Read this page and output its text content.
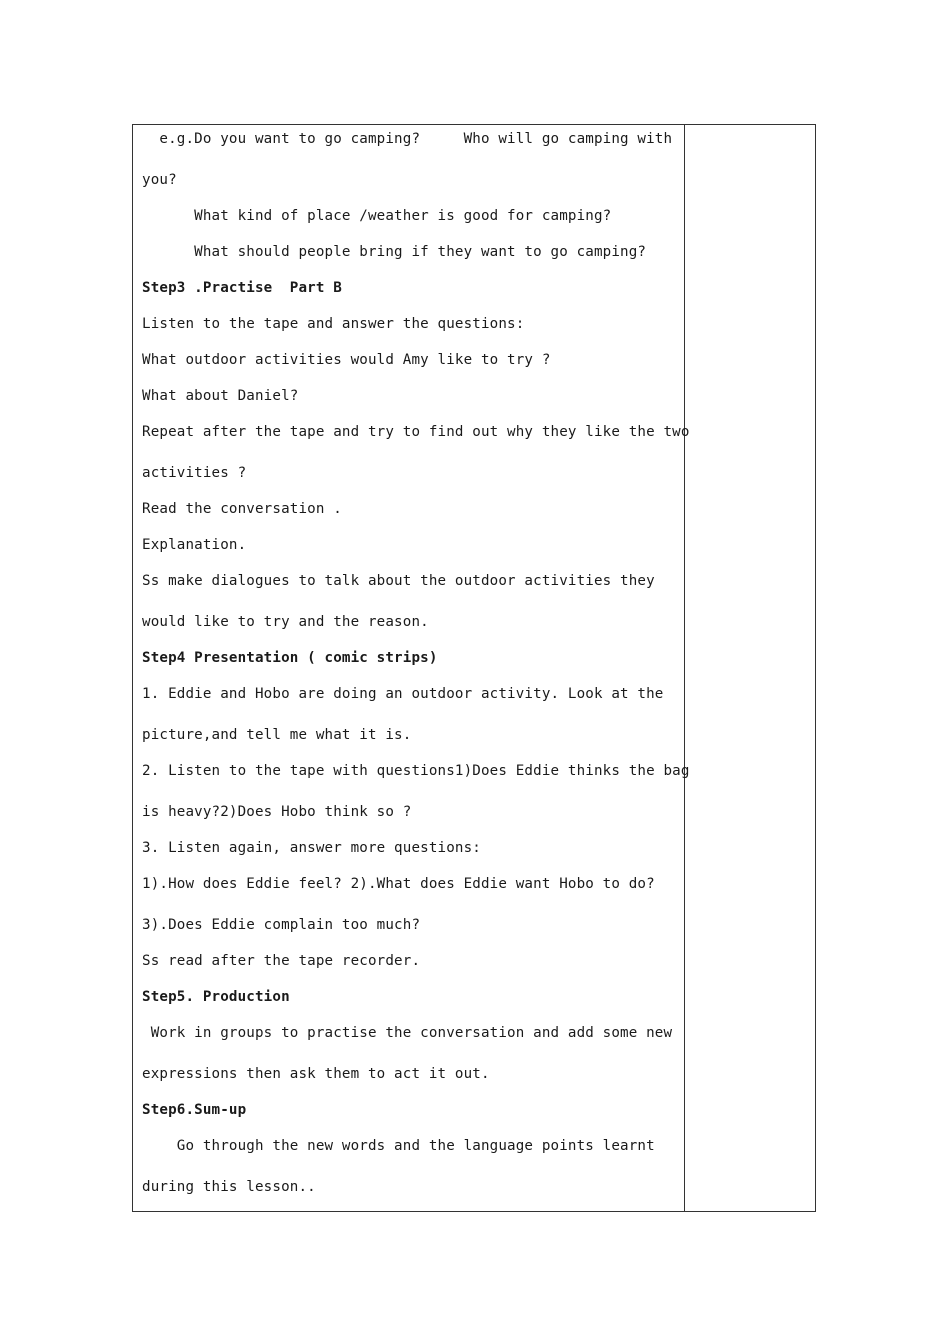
e.g.Do you want to go camping?     Who will go camping with
you?
What kind of place /weather is good for camping?
What should people bring if they want to go camping?
Step3 .Practise  Part B
Listen to the tape and answer the questions:
What outdoor activities would Amy like to try ?
What about Daniel?
Repeat after the tape and try to find out why they like the two
activities ?
Read the conversation .
Explanation.
Ss make dialogues to talk about the outdoor activities they
would like to try and the reason.
Step4 Presentation ( comic strips)
1. Eddie and Hobo are doing an outdoor activity. Look at the
picture,and tell me what it is.
2. Listen to the tape with questions1)Does Eddie thinks the bag
is heavy?2)Does Hobo think so ?
3. Listen again, answer more questions:
1).How does Eddie feel? 2).What does Eddie want Hobo to do?
3).Does Eddie complain too much?
Ss read after the tape recorder.
Step5. Production
Work in groups to practise the conversation and add some new
expressions then ask them to act it out.
Step6.Sum-up
Go through the new words and the language points learnt
during this lesson..
